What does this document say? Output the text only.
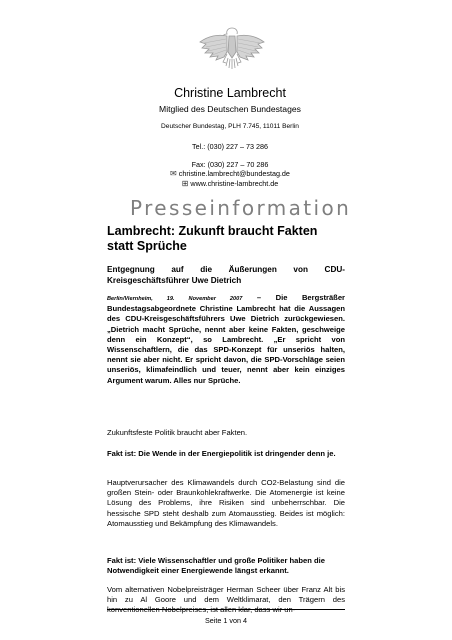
Christine Lambrecht
Mitglied des Deutschen Bundestages
Deutscher Bundestag, PLH 7.745, 11011 Berlin
Tel.: (030) 227 – 73 286
Fax: (030) 227 – 70 286
✉ christine.lambrecht@bundestag.de
⊞ www.christine-lambrecht.de
Presseinformation
Lambrecht: Zukunft braucht Fakten statt Sprüche
Entgegnung auf die Äußerungen von CDU-Kreisgeschäftsführer Uwe Dietrich
Berlin/Viernheim, 19. November 2007 – Die Bergsträßer Bundestagsabgeordnete Christine Lambrecht hat die Aussagen des CDU-Kreisgeschäftsführers Uwe Dietrich zurückgewiesen. „Dietrich macht Sprüche, nennt aber keine Fakten, geschweige denn ein Konzept“, so Lambrecht. „Er spricht von Wissenschaftlern, die das SPD-Konzept für unseriös halten, nennt sie aber nicht. Er spricht davon, die SPD-Vorschläge seien unseriös, klimafeindlich und teuer, nennt aber kein einziges Argument warum. Alles nur Sprüche.
Zukunftsfeste Politik braucht aber Fakten.
Fakt ist: Die Wende in der Energiepolitik ist dringender denn je.
Hauptverursacher des Klimawandels durch CO2-Belastung sind die großen Stein- oder Braunkohlekraftwerke. Die Atomenergie ist keine Lösung des Problems, ihre Risiken sind unbeherrschbar. Die hessische SPD steht deshalb zum Atomausstieg. Beides ist möglich: Atomausstieg und Bekämpfung des Klimawandels.
Fakt ist: Viele Wissenschaftler und große Politiker haben die Notwendigkeit einer Energiewende längst erkannt.
Vom alternativen Nobelpreisträger Herman Scheer über Franz Alt bis hin zu Al Goore und dem Weltklimarat, den Trägern des konventionellen Nobelpreises, ist allen klar, dass wir un-
Seite 1 von 4
